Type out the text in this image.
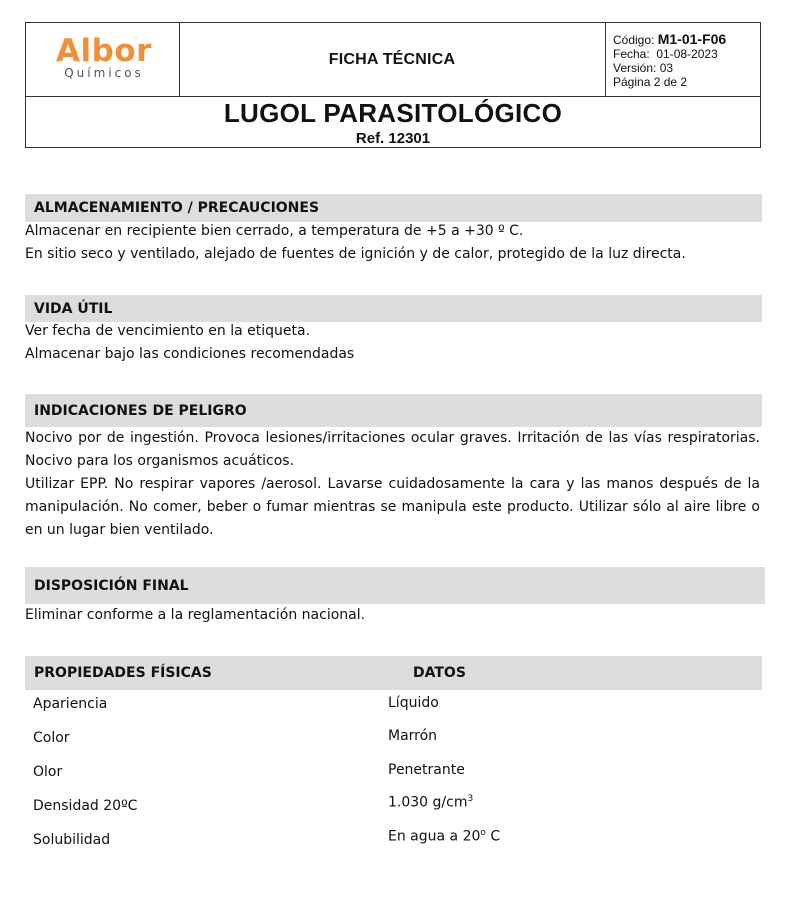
Albor
Químicos
FICHA TÉCNICA
Código: M1-01-F06
Fecha: 01-08-2023
Versión: 03
Página 2 de 2
LUGOL PARASITOLÓGICO
Ref. 12301
ALMACENAMIENTO / PRECAUCIONES
Almacenar en recipiente bien cerrado, a temperatura de +5 a +30 º C.
En sitio seco y ventilado, alejado de fuentes de ignición y de calor, protegido de la luz directa.
VIDA ÚTIL
Ver fecha de vencimiento en la etiqueta.
Almacenar bajo las condiciones recomendadas
INDICACIONES DE PELIGRO
Nocivo por de ingestión. Provoca lesiones/irritaciones ocular graves. Irritación de las vías respiratorias. Nocivo para los organismos acuáticos.
Utilizar EPP. No respirar vapores /aerosol. Lavarse cuidadosamente la cara y las manos después de la manipulación. No comer, beber o fumar mientras se manipula este producto. Utilizar sólo al aire libre o en un lugar bien ventilado.
DISPOSICIÓN FINAL
Eliminar conforme a la reglamentación nacional.
PROPIEDADES FÍSICAS	DATOS
Apariencia	Líquido
Color	Marrón
Olor	Penetrante
Densidad 20ºC	1.030 $g/cm^3$
Solubilidad	En agua a 20$^o$ C
